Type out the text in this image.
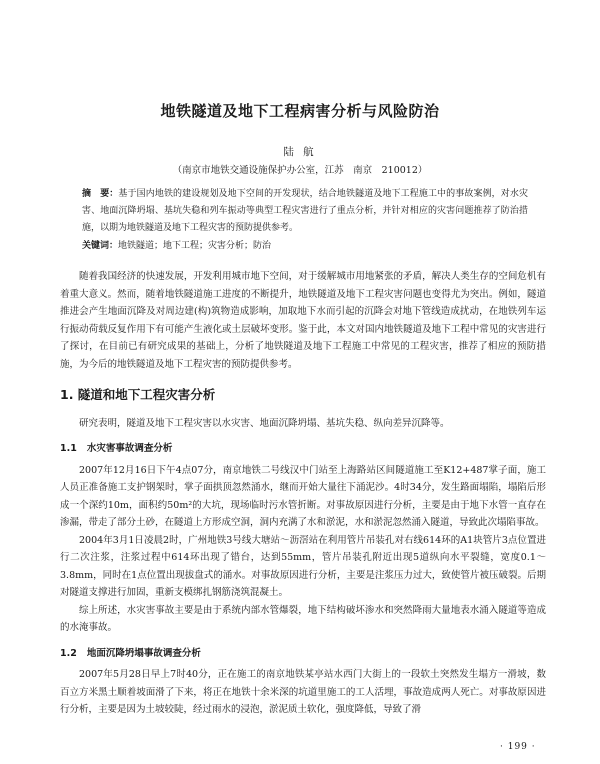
地铁隧道及地下工程病害分析与风险防治
陆 航
（南京市地铁交通设施保护办公室，江苏　南京　210012）
摘　要：基于国内地铁的建设规划及地下空间的开发现状，结合地铁隧道及地下工程施工中的事故案例，对水灾害、地面沉降坍塌、基坑失稳和列车振动等典型工程灾害进行了重点分析，并针对相应的灾害问题推荐了防治措施，以期为地铁隧道及地下工程灾害的预防提供参考。
关键词：地铁隧道；地下工程；灾害分析；防治

随着我国经济的快速发展，开发利用城市地下空间，对于缓解城市用地紧张的矛盾，解决人类生存的空间危机有着重大意义。然而，随着地铁隧道施工进度的不断提升，地铁隧道及地下工程灾害问题也变得尤为突出。例如，隧道推进会产生地面沉降及对周边建(构)筑物造成影响，加取地下水而引起的沉降会对地下管线造成扰动，在地铁列车运行振动荷载反复作用下有可能产生液化或土层破坏变形。鉴于此，本文对国内地铁隧道及地下工程中常见的灾害进行了探讨，在目前已有研究成果的基础上，分析了地铁隧道及地下工程施工中常见的工程灾害，推荐了相应的预防措施，为今后的地铁隧道及地下工程灾害的预防提供参考。

1. 隧道和地下工程灾害分析

研究表明，隧道及地下工程灾害以水灾害、地面沉降坍塌、基坑失稳、纵向差异沉降等。

1.1 水灾害事故调查分析

2007年12月16日下午4点07分，南京地铁二号线汉中门站至上海路站区间隧道施工至K12+487掌子面，施工人员正准备施工支护钢架时，掌子面拱顶忽然涌水，继而开始大量往下涌泥沙。4时34分，发生路面塌陷，塌陷后形成一个深约10m，面积约50m²的大坑，现场临时污水管折断。对事故原因进行分析，主要是由于地下水管一直存在渗漏，带走了部分土砂，在隧道上方形成空洞，洞内充满了水和淤泥，水和淤泥忽然涌入隧道，导致此次塌陷事故。

2004年3月1日凌晨2时，广州地铁3号线大塘站～沥滘站在利用管片吊装孔对右线614环的A1块管片3点位置进行二次注浆，注浆过程中614环出现了错台，达到55mm，管片吊装孔附近出现5道纵向水平裂缝，宽度0.1～3.8mm，同时在1点位置出现拔盘式的涌水。对事故原因进行分析，主要是注浆压力过大，致使管片被压破裂。后期对隧道支撑进行加固，重新支模绑扎钢筋浇筑混凝土。

综上所述，水灾害事故主要是由于系统内部水管爆裂，地下结构破坏渗水和突然降雨大量地表水涌入隧道等造成的水淹事故。

1.2 地面沉降坍塌事故调查分析

2007年5月28日早上7时40分，正在施工的南京地铁某亭站水西门大街上的一段软土突然发生塌方一滑坡，数百立方米黑土顺着坡面滑了下来，将正在地铁十余米深的坑道里施工的工人活埋，事故造成两人死亡。对事故原因进行分析，主要是因为土坡较陡，经过雨水的浸泡，淤泥质土软化，强度降低，导致了滑

· 199 ·
